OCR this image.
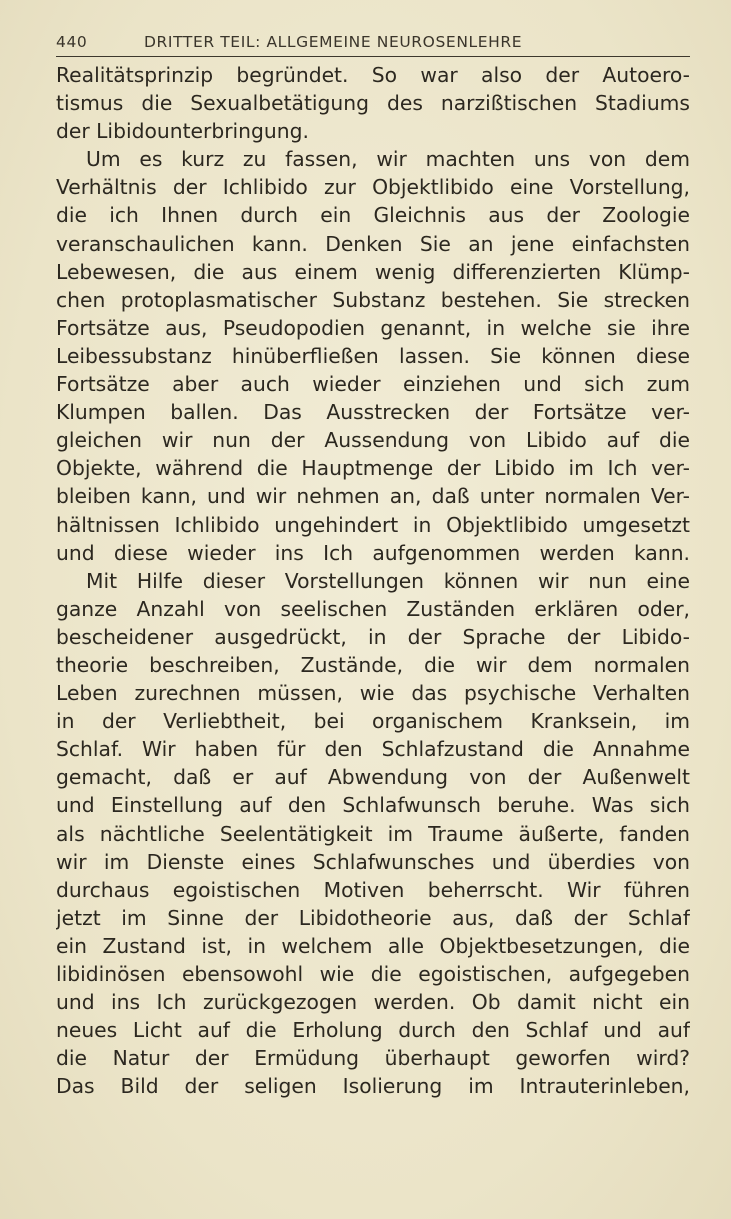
440	DRITTER TEIL: ALLGEMEINE NEUROSENLEHRE
Realitätsprinzip begründet. So war also der Autoero-
tismus die Sexualbetätigung des narzißtischen Stadiums
der Libidounterbringung.
Um es kurz zu fassen, wir machten uns von dem
Verhältnis der Ichlibido zur Objektlibido eine Vorstellung,
die ich Ihnen durch ein Gleichnis aus der Zoologie
veranschaulichen kann. Denken Sie an jene einfachsten
Lebewesen, die aus einem wenig differenzierten Klümp-
chen protoplasmatischer Substanz bestehen. Sie strecken
Fortsätze aus, Pseudopodien genannt, in welche sie ihre
Leibessubstanz hinüberfließen lassen. Sie können diese
Fortsätze aber auch wieder einziehen und sich zum
Klumpen ballen. Das Ausstrecken der Fortsätze ver-
gleichen wir nun der Aussendung von Libido auf die
Objekte, während die Hauptmenge der Libido im Ich ver-
bleiben kann, und wir nehmen an, daß unter normalen Ver-
hältnissen Ichlibido ungehindert in Objektlibido umgesetzt
und diese wieder ins Ich aufgenommen werden kann.
Mit Hilfe dieser Vorstellungen können wir nun eine
ganze Anzahl von seelischen Zuständen erklären oder,
bescheidener ausgedrückt, in der Sprache der Libido-
theorie beschreiben, Zustände, die wir dem normalen
Leben zurechnen müssen, wie das psychische Verhalten
in der Verliebtheit, bei organischem Kranksein, im
Schlaf. Wir haben für den Schlafzustand die Annahme
gemacht, daß er auf Abwendung von der Außenwelt
und Einstellung auf den Schlafwunsch beruhe. Was sich
als nächtliche Seelentätigkeit im Traume äußerte, fanden
wir im Dienste eines Schlafwunsches und überdies von
durchaus egoistischen Motiven beherrscht. Wir führen
jetzt im Sinne der Libidotheorie aus, daß der Schlaf
ein Zustand ist, in welchem alle Objektbesetzungen, die
libidinösen ebensowohl wie die egoistischen, aufgegeben
und ins Ich zurückgezogen werden. Ob damit nicht ein
neues Licht auf die Erholung durch den Schlaf und auf
die Natur der Ermüdung überhaupt geworfen wird?
Das Bild der seligen Isolierung im Intrauterinleben,
